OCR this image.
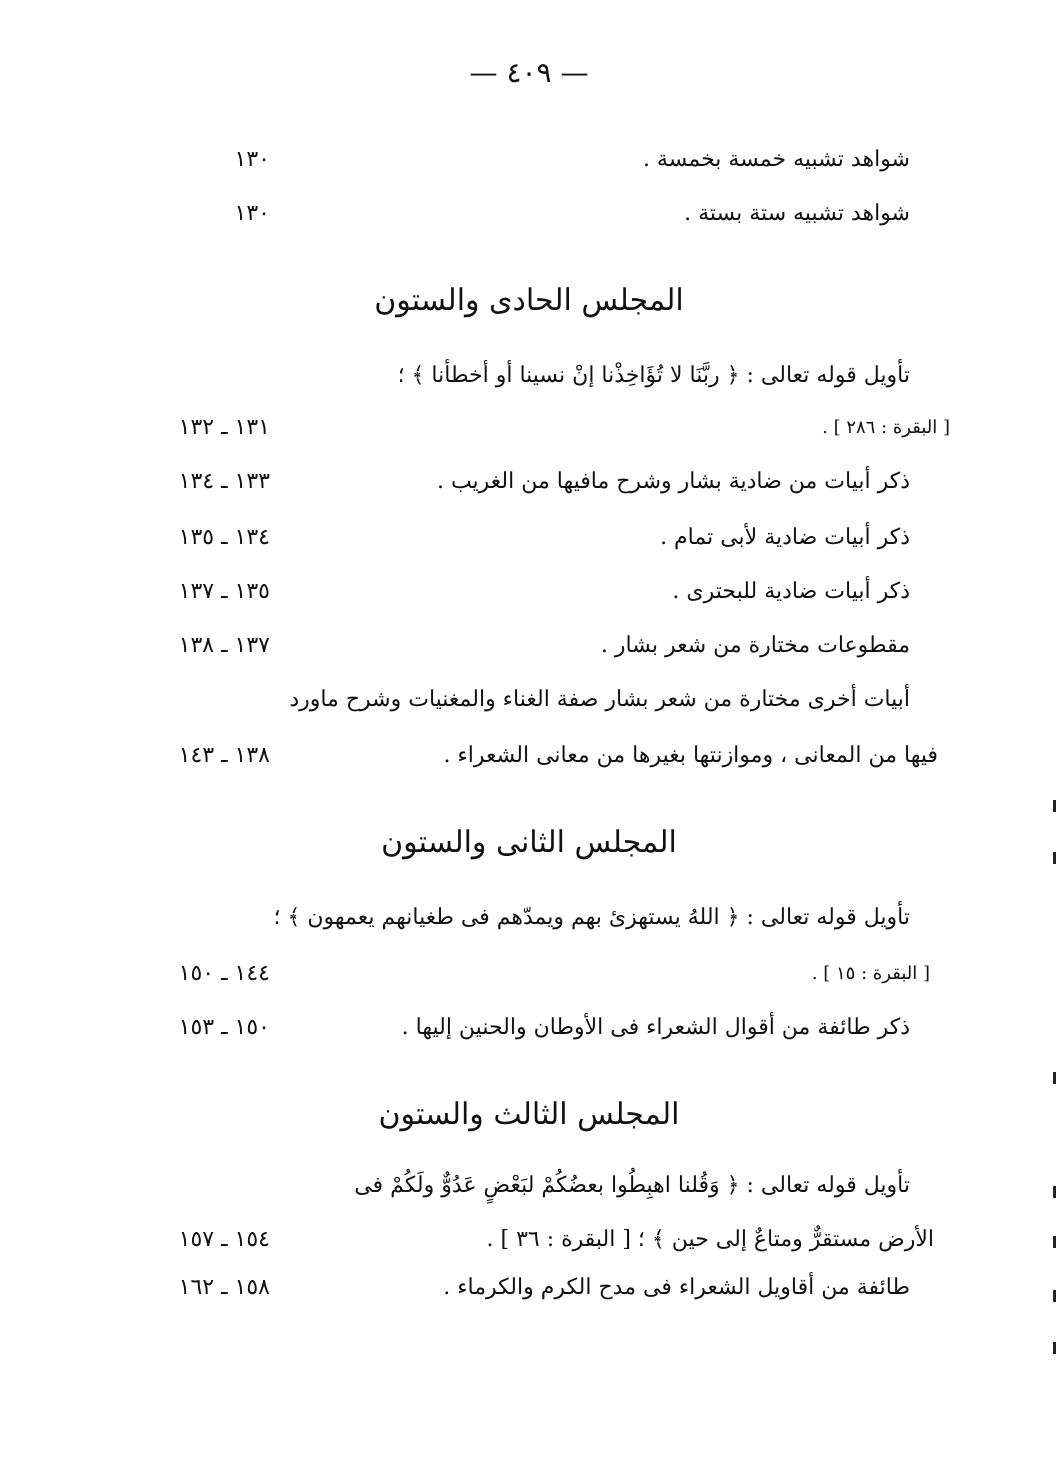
— ٤٠٩ —
شواهد تشبيه خمسة بخمسة .
١٣٠
شواهد تشبيه ستة بستة .
١٣٠
المجلس الحادى والستون
تأويل قوله تعالى : ﴿ ربَّنَا لا تُؤَاخِذْنا إنْ نسينا أو أخطأنا ﴾ ؛
[ البقرة : ٢٨٦ ] .
١٣١ ـ ١٣٢
ذكر أبيات من ضادية بشار وشرح مافيها من الغريب .
١٣٣ ـ ١٣٤
ذكر أبيات ضادية لأبى تمام .
١٣٤ ـ ١٣٥
ذكر أبيات ضادية للبحترى .
١٣٥ ـ ١٣٧
مقطوعات مختارة من شعر بشار .
١٣٧ ـ ١٣٨
أبيات أخرى مختارة من شعر بشار صفة الغناء والمغنيات وشرح ماورد
فيها من المعانى ، وموازنتها بغيرها من معانى الشعراء .
١٣٨ ـ ١٤٣
المجلس الثانى والستون
تأويل قوله تعالى : ﴿ اللهُ يستهزئ بهم ويمدّهم فى طغيانهم يعمهون ﴾ ؛
[ البقرة : ١٥ ] .
١٤٤ ـ ١٥٠
ذكر طائفة من أقوال الشعراء فى الأوطان والحنين إليها .
١٥٠ ـ ١٥٣
المجلس الثالث والستون
تأويل قوله تعالى : ﴿ وَقُلنا اهبِطُوا بعضُكُمْ لبَعْضٍ عَدُوٌّ ولَكُمْ فى
الأرض مستقرٌّ ومتاعٌ إلى حين ﴾ ؛ [ البقرة : ٣٦ ] .
١٥٤ ـ ١٥٧
طائفة من أقاويل الشعراء فى مدح الكرم والكرماء .
١٥٨ ـ ١٦٢
